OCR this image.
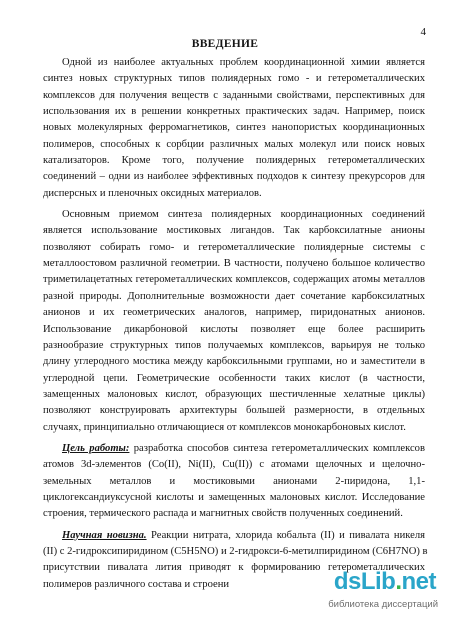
4
ВВЕДЕНИЕ
Одной из наиболее актуальных проблем координационной химии является
синтез новых структурных типов полиядерных гомо - и гетерометаллических
комплексов для получения веществ с заданными свойствами, перспективных для
использования их в решении конкретных практических задач. Например, поиск
новых молекулярных ферромагнетиков, синтез нанопористых координационных
полимеров, способных к сорбции различных малых молекул или поиск новых
катализаторов. Кроме того, получение полиядерных гетерометаллических
соединений – одни из наиболее эффективных подходов к синтезу прекурсоров для
дисперсных и пленочных оксидных материалов.
Основным приемом синтеза полиядерных координационных соединений
является использование мостиковых лигандов. Так карбоксилатные анионы
позволяют собирать гомо- и гетерометаллические полиядерные системы с
металлоостовом различной геометрии. В частности, получено большое количество
триметилацетатных гетерометаллических комплексов, содержащих атомы металлов
разной природы. Дополнительные возможности дает сочетание карбоксилатных
анионов и их геометрических аналогов, например, пиридонатных анионов.
Использование дикарбоновой кислоты позволяет еще более расширить
разнообразие структурных типов получаемых комплексов, варьируя не только
длину углеродного мостика между карбоксильными группами, но и заместители в
углеродной цепи. Геометрические особенности таких кислот (в частности,
замещенных малоновых кислот, образующих шестичленные хелатные циклы)
позволяют конструировать архитектуры большей размерности, в отдельных
случаях, принципиально отличающиеся от комплексов монокарбоновых кислот.
Цель работы: разработка способов синтеза гетерометаллических комплексов
атомов 3d-элементов (Co(II), Ni(II), Cu(II)) с атомами щелочных и щелочно-
земельных металлов и мостиковыми анионами 2-пиридона, 1,1-
циклогександиуксусной кислоты и замещенных малоновых кислот. Исследование
строения, термического распада и магнитных свойств полученных соединений.
Научная новизна. Реакции нитрата, хлорида кобальта (II) и пивалата никеля
(II) с 2-гидроксипиридином (C5H5NO) и 2-гидрокси-6-метилпиридином (C6H7NO) в
присутствии пивалата лития приводят к формированию гетерометаллических
полимеров различного состава и строени	dsLib.net
библиотека диссертаций
